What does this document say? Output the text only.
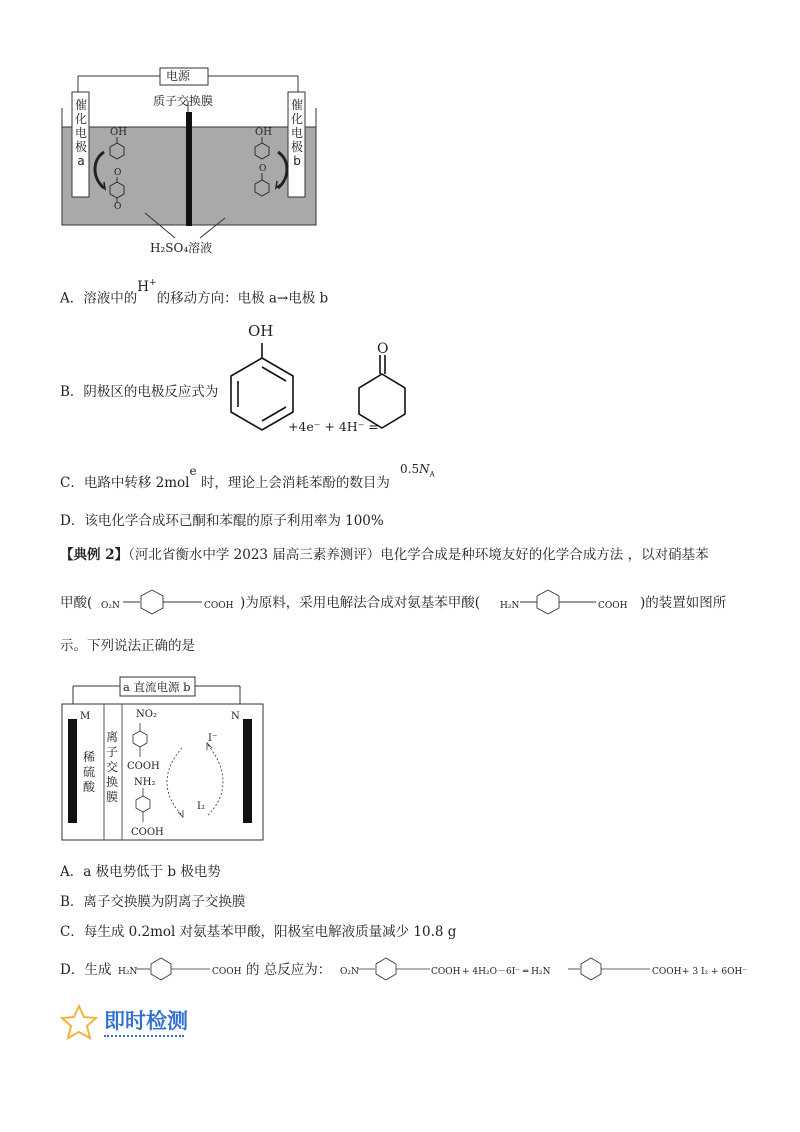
电源
质子交换膜
OH	OH
O
O
O
催
化
电
极
a
催
化
电
极
b
H₂SO₄溶液
A．溶液中的H+的移动方向：电极 a→电极 b
B．阴极区的电极反应式为
OH
+4e⁻ + 4H⁻ =
O
C．电路中转移 2mole 时，理论上会消耗苯酚的数目为
$0.5N_A$
D．该电化学合成环己酮和苯醌的原子利用率为 100%
【典例 2】（河北省衡水中学 2023 届高三素养测评）电化学合成是种环境友好的化学合成方法 ，以对硝基苯
甲酸( O₂N	COOH )为原料，采用电解法合成对氨基苯甲酸( H₂N	COOH )的装置如图所
示。下列说法正确的是
a 直流电源 b
M	N
稀
硫
酸
离
子
交
换
膜
NO₂
COOH
NH₂
COOH
I⁻
I₂
A．a 极电势低于 b 极电势
B．离子交换膜为阴离子交换膜
C．每生成 0.2mol 对氨基苯甲酸，阳极室电解液质量减少 10.8 g
D．生成 H₂N	COOH 的 总反应为： O₂N	COOH + 4H₂O－6I⁻ ═ H₂N	COOH + 3 I₂ + 6OH⁻
即时检测
